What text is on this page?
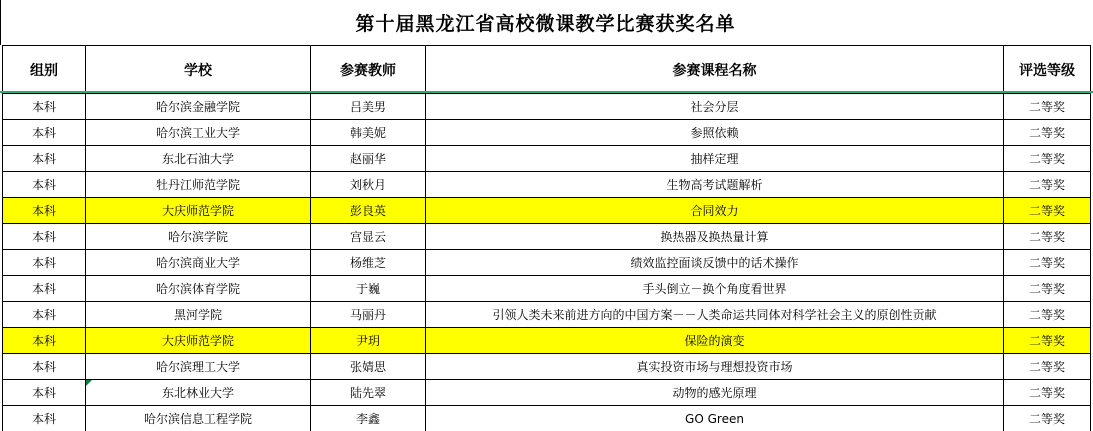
第十届黑龙江省高校微课教学比赛获奖名单
组别	学校	参赛教师	参赛课程名称	评选等级
本科	哈尔滨金融学院	吕美男	社会分层	二等奖
本科	哈尔滨工业大学	韩美妮	参照依赖	二等奖
本科	东北石油大学	赵丽华	抽样定理	二等奖
本科	牡丹江师范学院	刘秋月	生物高考试题解析	二等奖
本科	大庆师范学院	彭良英	合同效力	二等奖
本科	哈尔滨学院	宫显云	换热器及换热量计算	二等奖
本科	哈尔滨商业大学	杨维芝	绩效监控面谈反馈中的话术操作	二等奖
本科	哈尔滨体育学院	于巍	手头倒立－换个角度看世界	二等奖
本科	黑河学院	马丽丹	引领人类未来前进方向的中国方案－－人类命运共同体对科学社会主义的原创性贡献	二等奖
本科	大庆师范学院	尹玥	保险的演变	二等奖
本科	哈尔滨理工大学	张婧思	真实投资市场与理想投资市场	二等奖
本科	东北林业大学	陆先翠	动物的感光原理	二等奖
本科	哈尔滨信息工程学院	李鑫	GO Green	二等奖
